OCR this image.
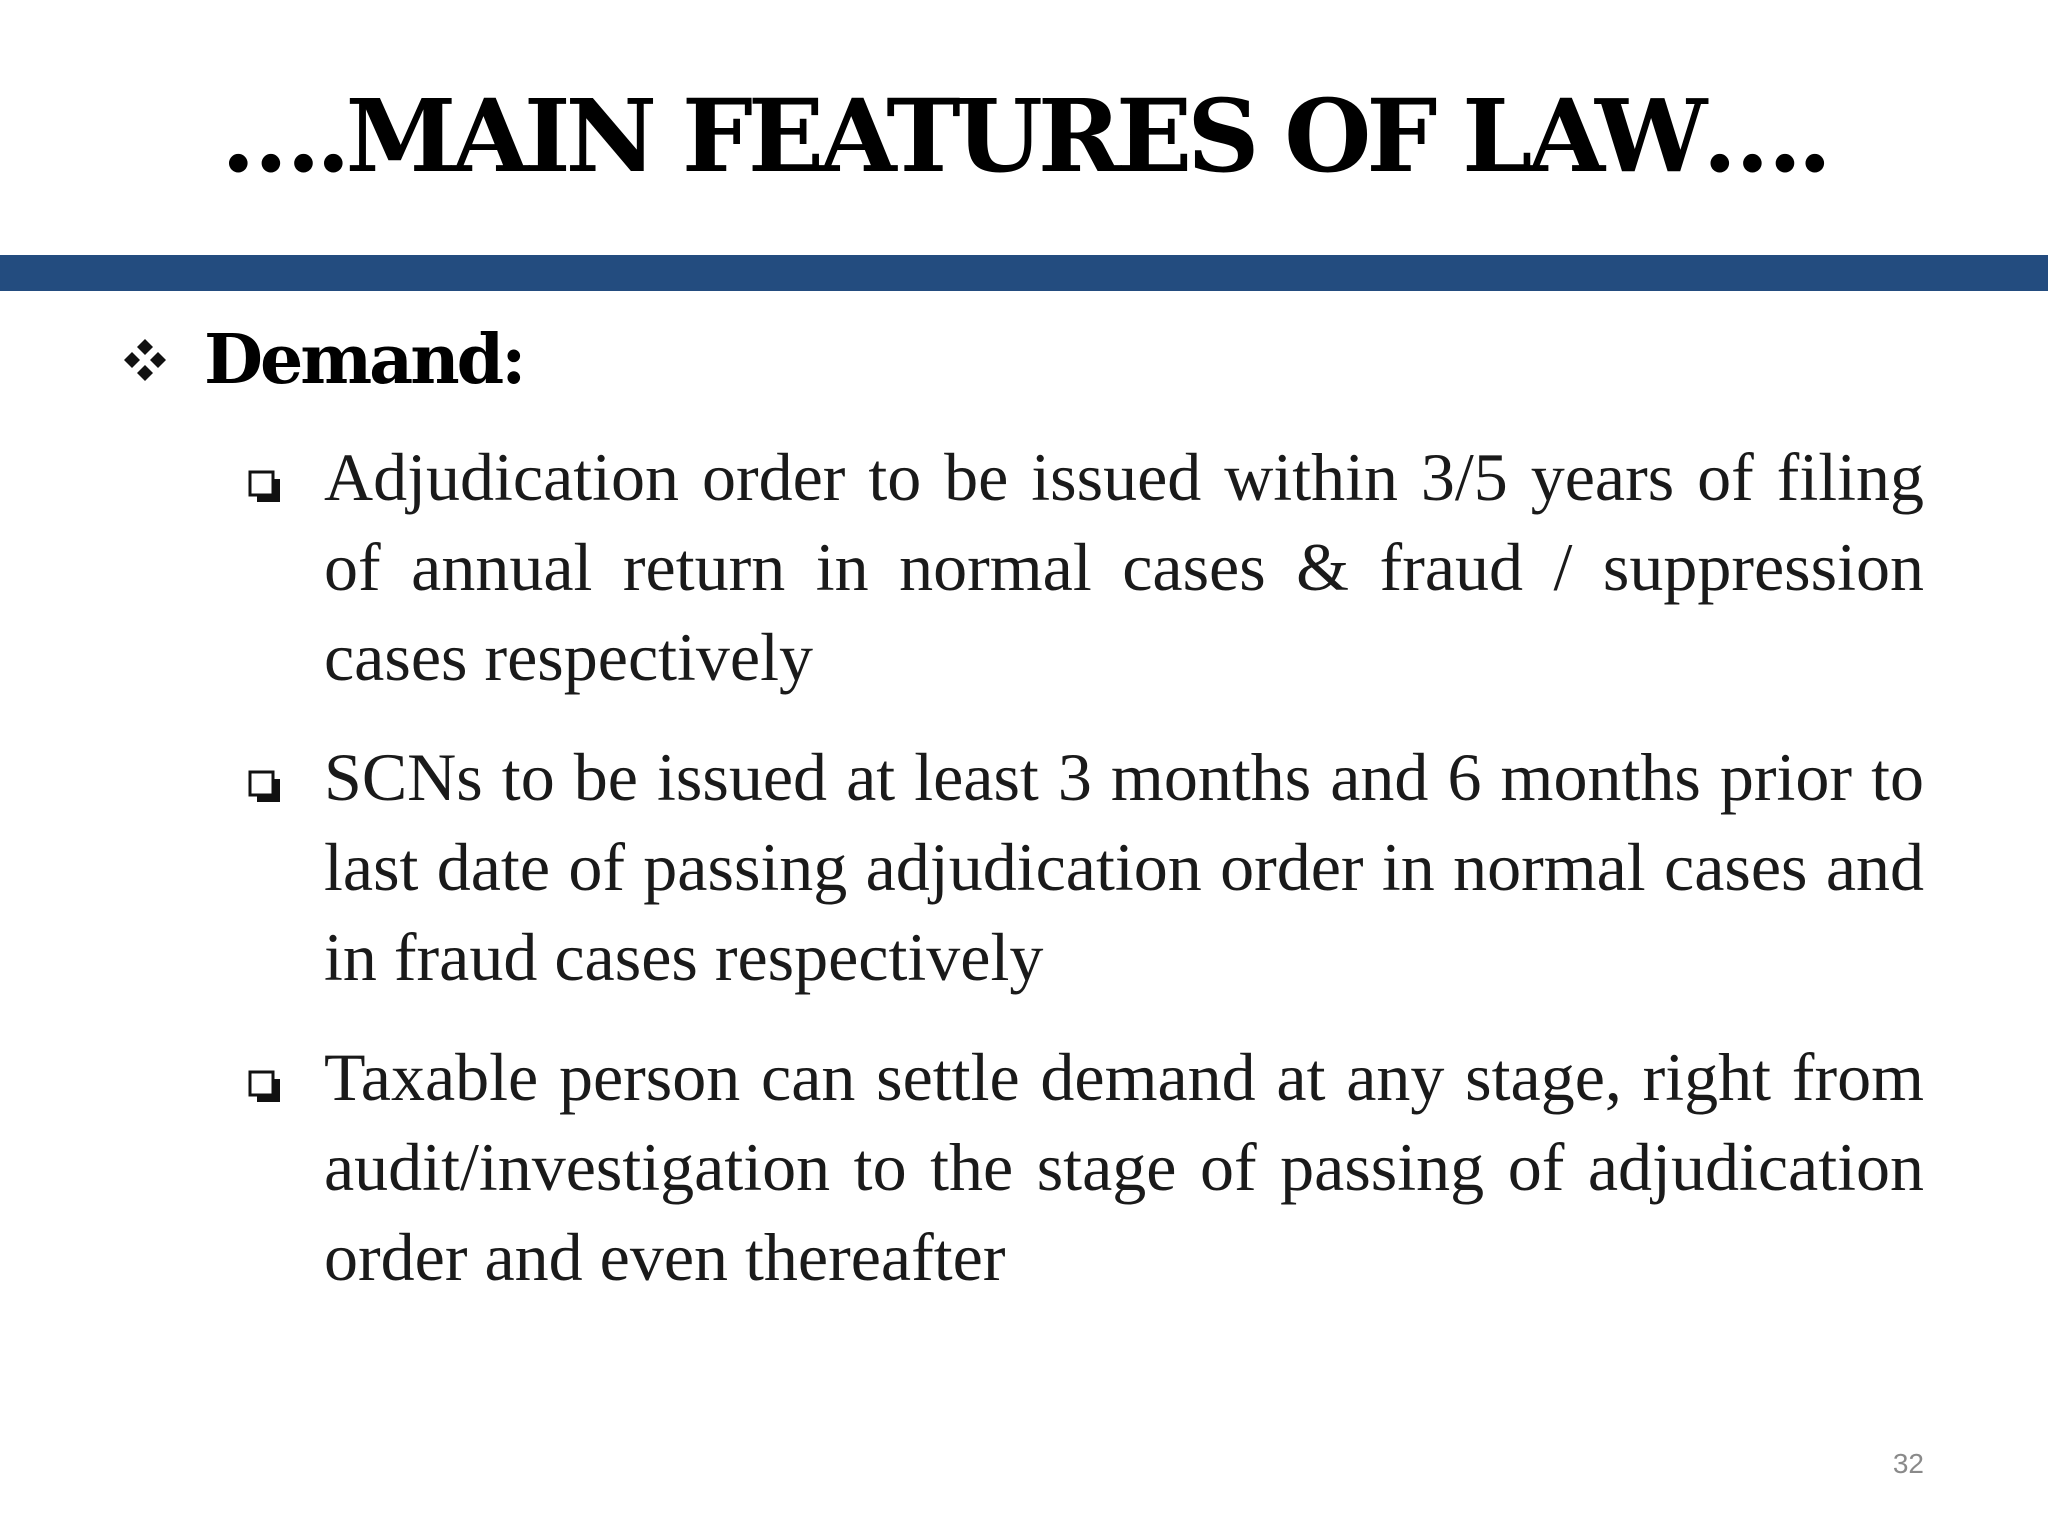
….MAIN FEATURES OF LAW….
Demand:
Adjudication order to be issued within 3/5 years of filing of annual return in normal cases & fraud / suppression cases respectively
SCNs to be issued at least 3 months and 6 months prior to last date of passing adjudication order in normal cases and in fraud cases respectively
Taxable person can settle demand at any stage, right from audit/investigation to the stage of passing of adjudication order and even thereafter
32
